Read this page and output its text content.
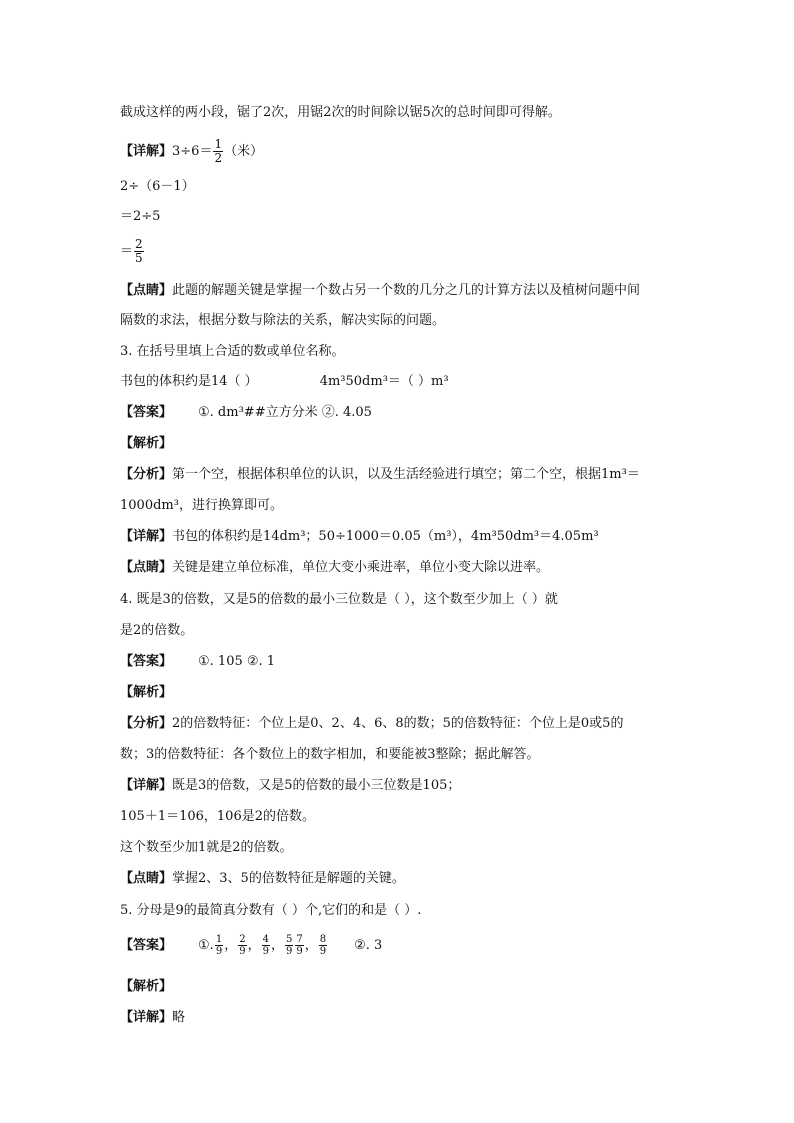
截成这样的两小段，锯了2次，用锯2次的时间除以锯5次的总时间即可得解。
【详解】$3\div 6= \frac{1}{2}$ （米）
2÷（6－1）
＝2÷5
＝ $\frac{2}{5}$
【点睛】此题的解题关键是掌握一个数占另一个数的几分之几的计算方法以及植树问题中间
隔数的求法，根据分数与除法的关系，解决实际的问题。
3. 在括号里填上合适的数或单位名称。
书包的体积约是14（ ）	4m³50dm³＝（ ）m³
【答案】 ①. dm³##立方分米 ②. 4.05
【解析】
【分析】第一个空，根据体积单位的认识，以及生活经验进行填空；第二个空，根据1m³＝
1000dm³，进行换算即可。
【详解】书包的体积约是14dm³；50÷1000＝0.05（m³），4m³50dm³＝4.05m³
【点睛】关键是建立单位标准，单位大变小乘进率，单位小变大除以进率。
4. 既是3的倍数，又是5的倍数的最小三位数是（ ），这个数至少加上（ ）就
是2的倍数。
【答案】 ①. 105 ②. 1
【解析】
【分析】2的倍数特征：个位上是0、2、4、6、8的数；5的倍数特征：个位上是0或5的
数；3的倍数特征：各个数位上的数字相加，和要能被3整除；据此解答。
【详解】既是3的倍数，又是5的倍数的最小三位数是105；
105＋1＝106，106是2的倍数。
这个数至少加1就是2的倍数。
【点睛】掌握2、3、5的倍数特征是解题的关键。
5. 分母是9的最简真分数有（ ）个,它们的和是（ ）.
【答案】 ①. $\frac{1}{9}$ ， $\frac{2}{9}$ ， $\frac{4}{9}$ ， $\frac{5}{9} \frac{7}{9}$ ， $\frac{8}{9}$ ②. 3
【解析】
【详解】略
